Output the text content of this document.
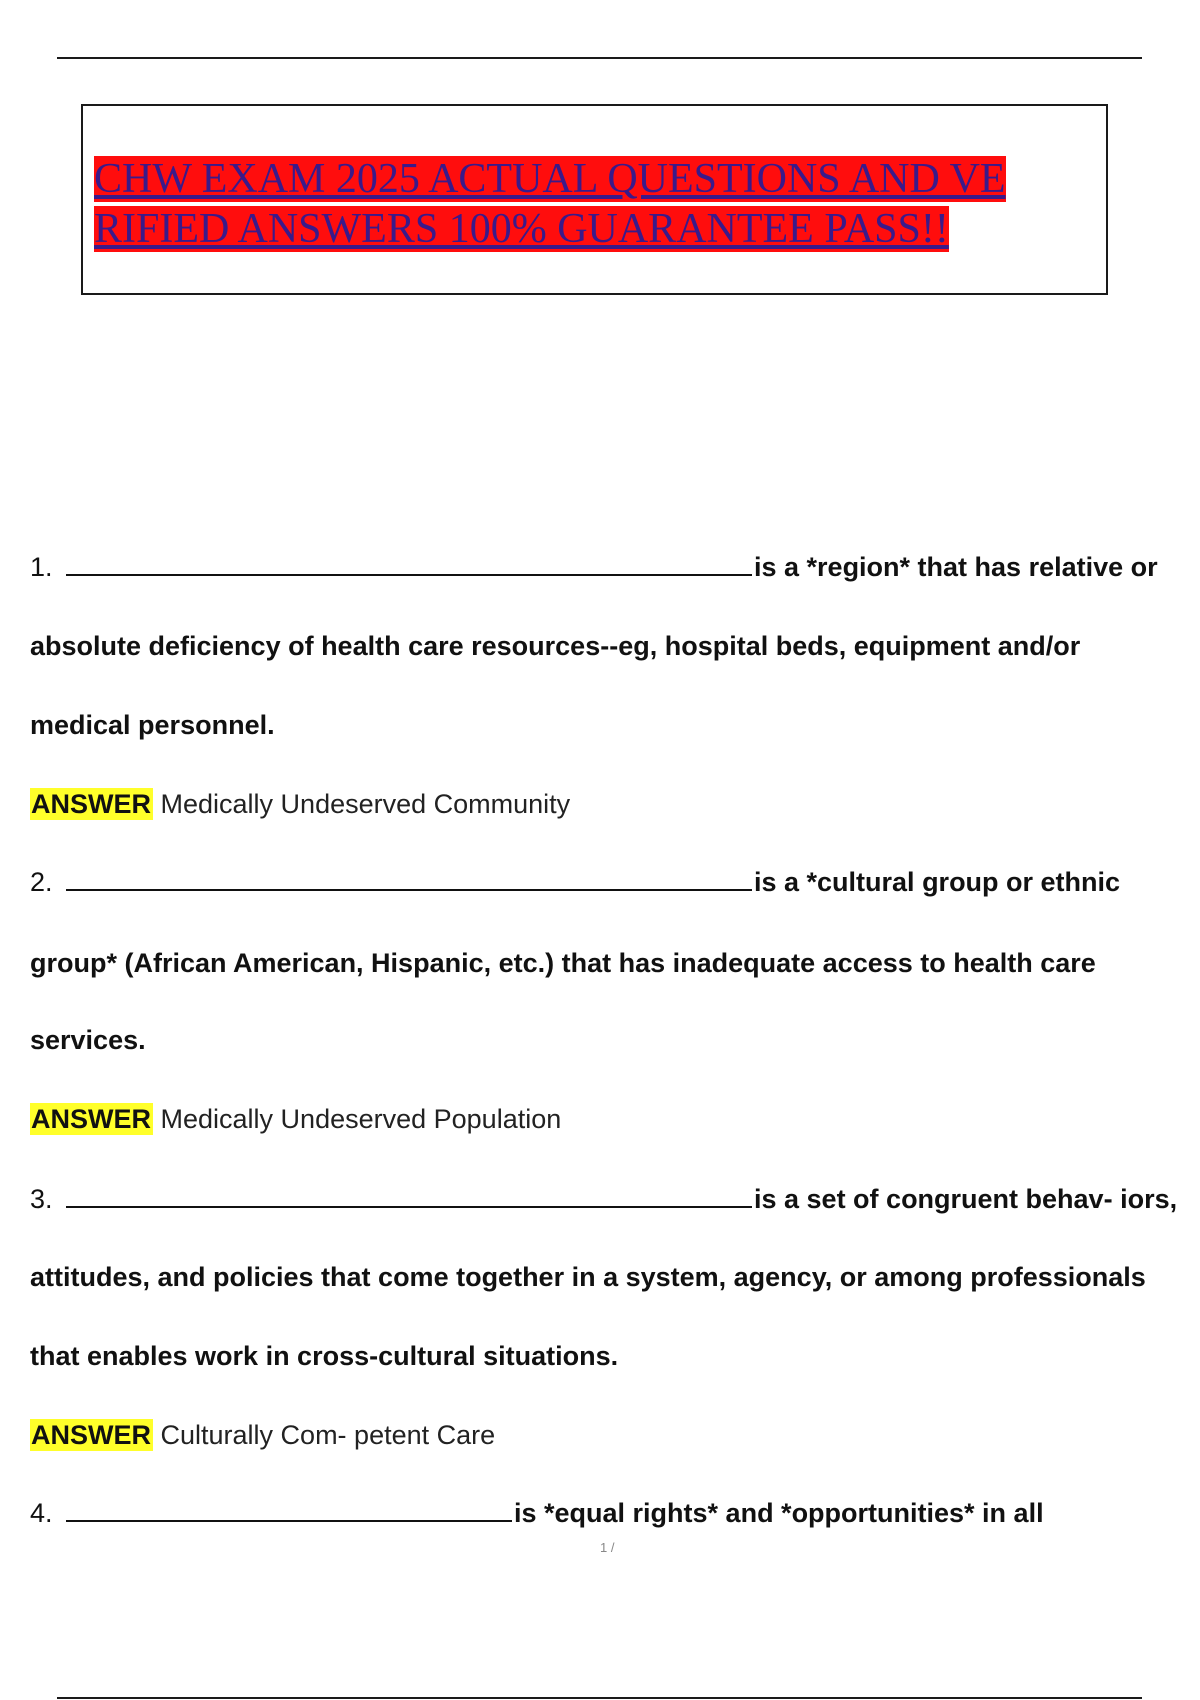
CHW EXAM 2025 ACTUAL QUESTIONS AND VE
RIFIED ANSWERS 100% GUARANTEE PASS!!
1.	is a *region* that has relative or
absolute deficiency of health care resources--eg, hospital beds, equipment and/or
medical personnel.
ANSWER Medically Undeserved Community
2.	is a *cultural group or ethnic
group* (African American, Hispanic, etc.) that has inadequate access to health care
services.
ANSWER Medically Undeserved Population
3.	is a set of congruent behav- iors,
attitudes, and policies that come together in a system, agency, or among professionals
that enables work in cross-cultural situations.
ANSWER Culturally Com- petent Care
4.	is *equal rights* and *opportunities* in all
1 /
